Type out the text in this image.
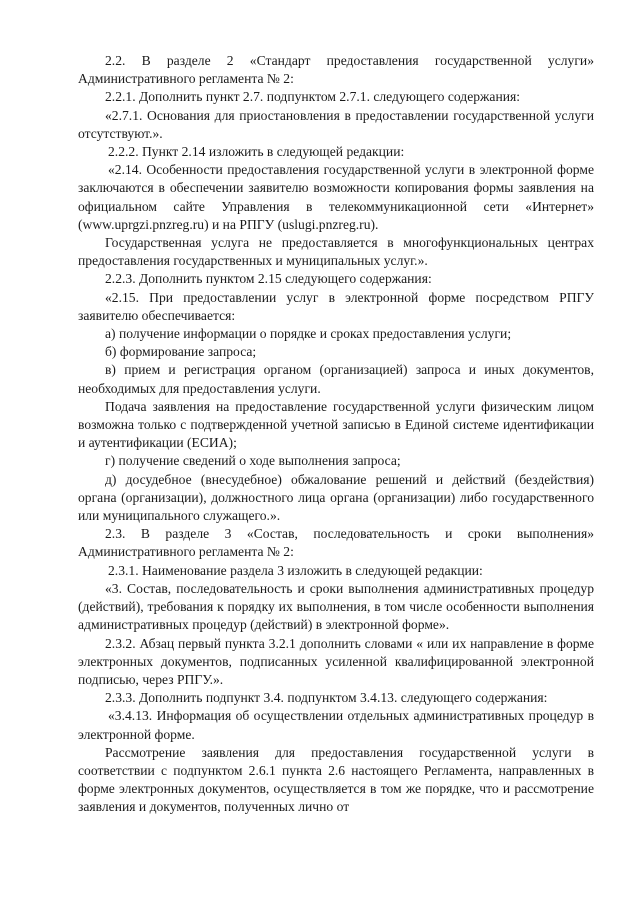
2.2. В разделе 2 «Стандарт предоставления государственной услуги» Административного регламента № 2:

2.2.1. Дополнить пункт 2.7. подпунктом 2.7.1. следующего содержания:

«2.7.1. Основания для приостановления в предоставлении государственной услуги отсутствуют.».

2.2.2. Пункт 2.14 изложить в следующей редакции:

«2.14. Особенности предоставления государственной услуги в электронной форме заключаются в обеспечении заявителю возможности копирования формы заявления на официальном сайте Управления в телекоммуникационной сети «Интернет» (www.uprgzi.pnzreg.ru) и на РПГУ (uslugi.pnzreg.ru).

Государственная услуга не предоставляется в многофункциональных центрах предоставления государственных и муниципальных услуг.».

2.2.3. Дополнить пунктом 2.15 следующего содержания:

«2.15. При предоставлении услуг в электронной форме посредством РПГУ заявителю обеспечивается:

а) получение информации о порядке и сроках предоставления услуги;

б) формирование запроса;

в) прием и регистрация органом (организацией) запроса и иных документов, необходимых для предоставления услуги.

Подача заявления на предоставление государственной услуги физическим лицом возможна только с подтвержденной учетной записью в Единой системе идентификации и аутентификации (ЕСИА);

г) получение сведений о ходе выполнения запроса;

д) досудебное (внесудебное) обжалование решений и действий (бездействия) органа (организации), должностного лица органа (организации) либо государственного или муниципального служащего.».

2.3. В разделе 3 «Состав, последовательность и сроки выполнения» Административного регламента № 2:

2.3.1. Наименование раздела 3 изложить в следующей редакции:

«3. Состав, последовательность и сроки выполнения административных процедур (действий), требования к порядку их выполнения, в том числе особенности выполнения административных процедур (действий) в электронной форме».

2.3.2. Абзац первый пункта 3.2.1 дополнить словами « или их направление в форме электронных документов, подписанных усиленной квалифицированной электронной подписью, через РПГУ.».

2.3.3. Дополнить подпункт 3.4. подпунктом 3.4.13. следующего содержания:

«3.4.13. Информация об осуществлении отдельных административных процедур в электронной форме.

Рассмотрение заявления для предоставления государственной услуги в соответствии с подпунктом 2.6.1 пункта 2.6 настоящего Регламента, направленных в форме электронных документов, осуществляется в том же порядке, что и рассмотрение заявления и документов, полученных лично от
